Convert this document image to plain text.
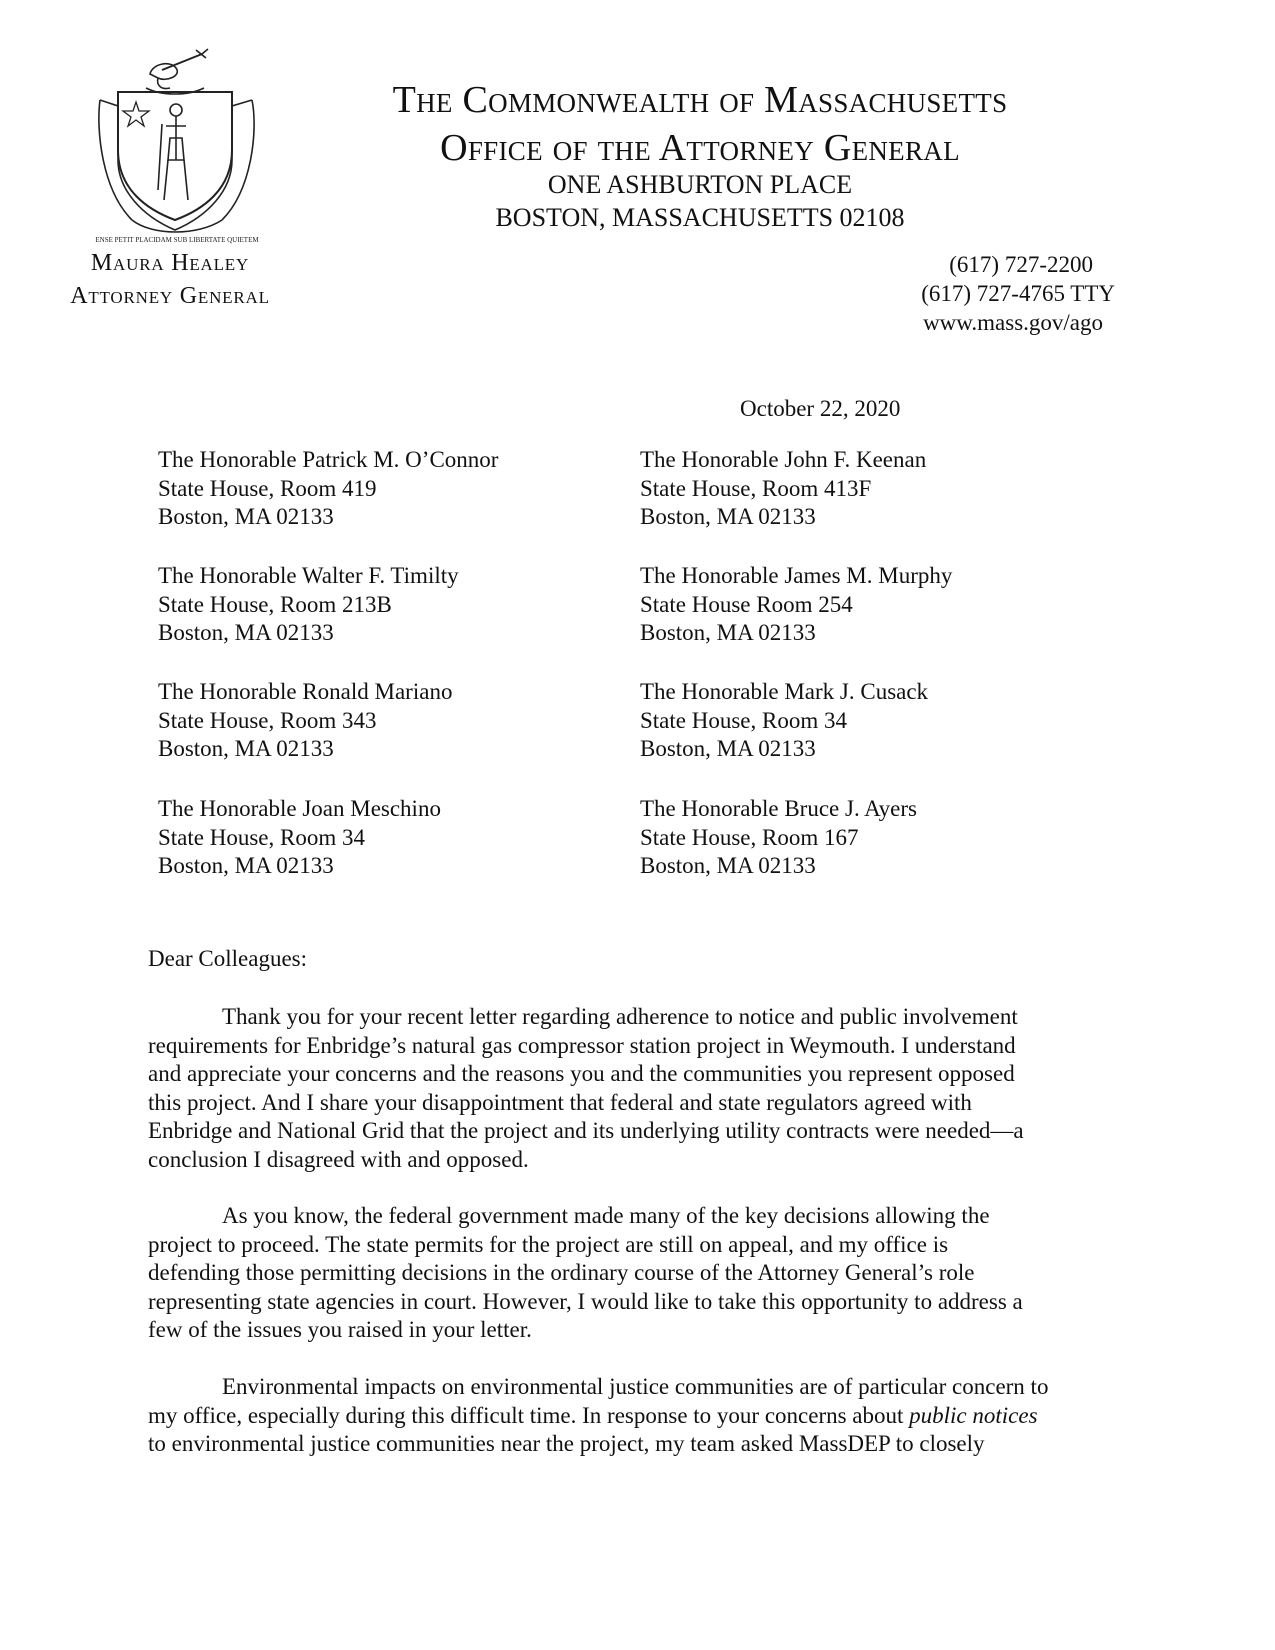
ENSE PETIT PLACIDAM SUB LIBERTATE QUIETEM
The Commonwealth of Massachusetts
Office of the Attorney General
ONE ASHBURTON PLACE
BOSTON, MASSACHUSETTS 02108
Maura Healey
Attorney General
(617) 727-2200
(617) 727-4765 TTY
www.mass.gov/ago
October 22, 2020
The Honorable Patrick M. O’Connor
State House, Room 419
Boston, MA 02133
The Honorable John F. Keenan
State House, Room 413F
Boston, MA 02133
The Honorable Walter F. Timilty
State House, Room 213B
Boston, MA 02133
The Honorable James M. Murphy
State House Room 254
Boston, MA 02133
The Honorable Ronald Mariano
State House, Room 343
Boston, MA 02133
The Honorable Mark J. Cusack
State House, Room 34
Boston, MA 02133
The Honorable Joan Meschino
State House, Room 34
Boston, MA 02133
The Honorable Bruce J. Ayers
State House, Room 167
Boston, MA 02133
Dear Colleagues:
Thank you for your recent letter regarding adherence to notice and public involvement
requirements for Enbridge’s natural gas compressor station project in Weymouth. I understand
and appreciate your concerns and the reasons you and the communities you represent opposed
this project. And I share your disappointment that federal and state regulators agreed with
Enbridge and National Grid that the project and its underlying utility contracts were needed—a
conclusion I disagreed with and opposed.
As you know, the federal government made many of the key decisions allowing the
project to proceed. The state permits for the project are still on appeal, and my office is
defending those permitting decisions in the ordinary course of the Attorney General’s role
representing state agencies in court. However, I would like to take this opportunity to address a
few of the issues you raised in your letter.
Environmental impacts on environmental justice communities are of particular concern to
my office, especially during this difficult time. In response to your concerns about public notices
to environmental justice communities near the project, my team asked MassDEP to closely
